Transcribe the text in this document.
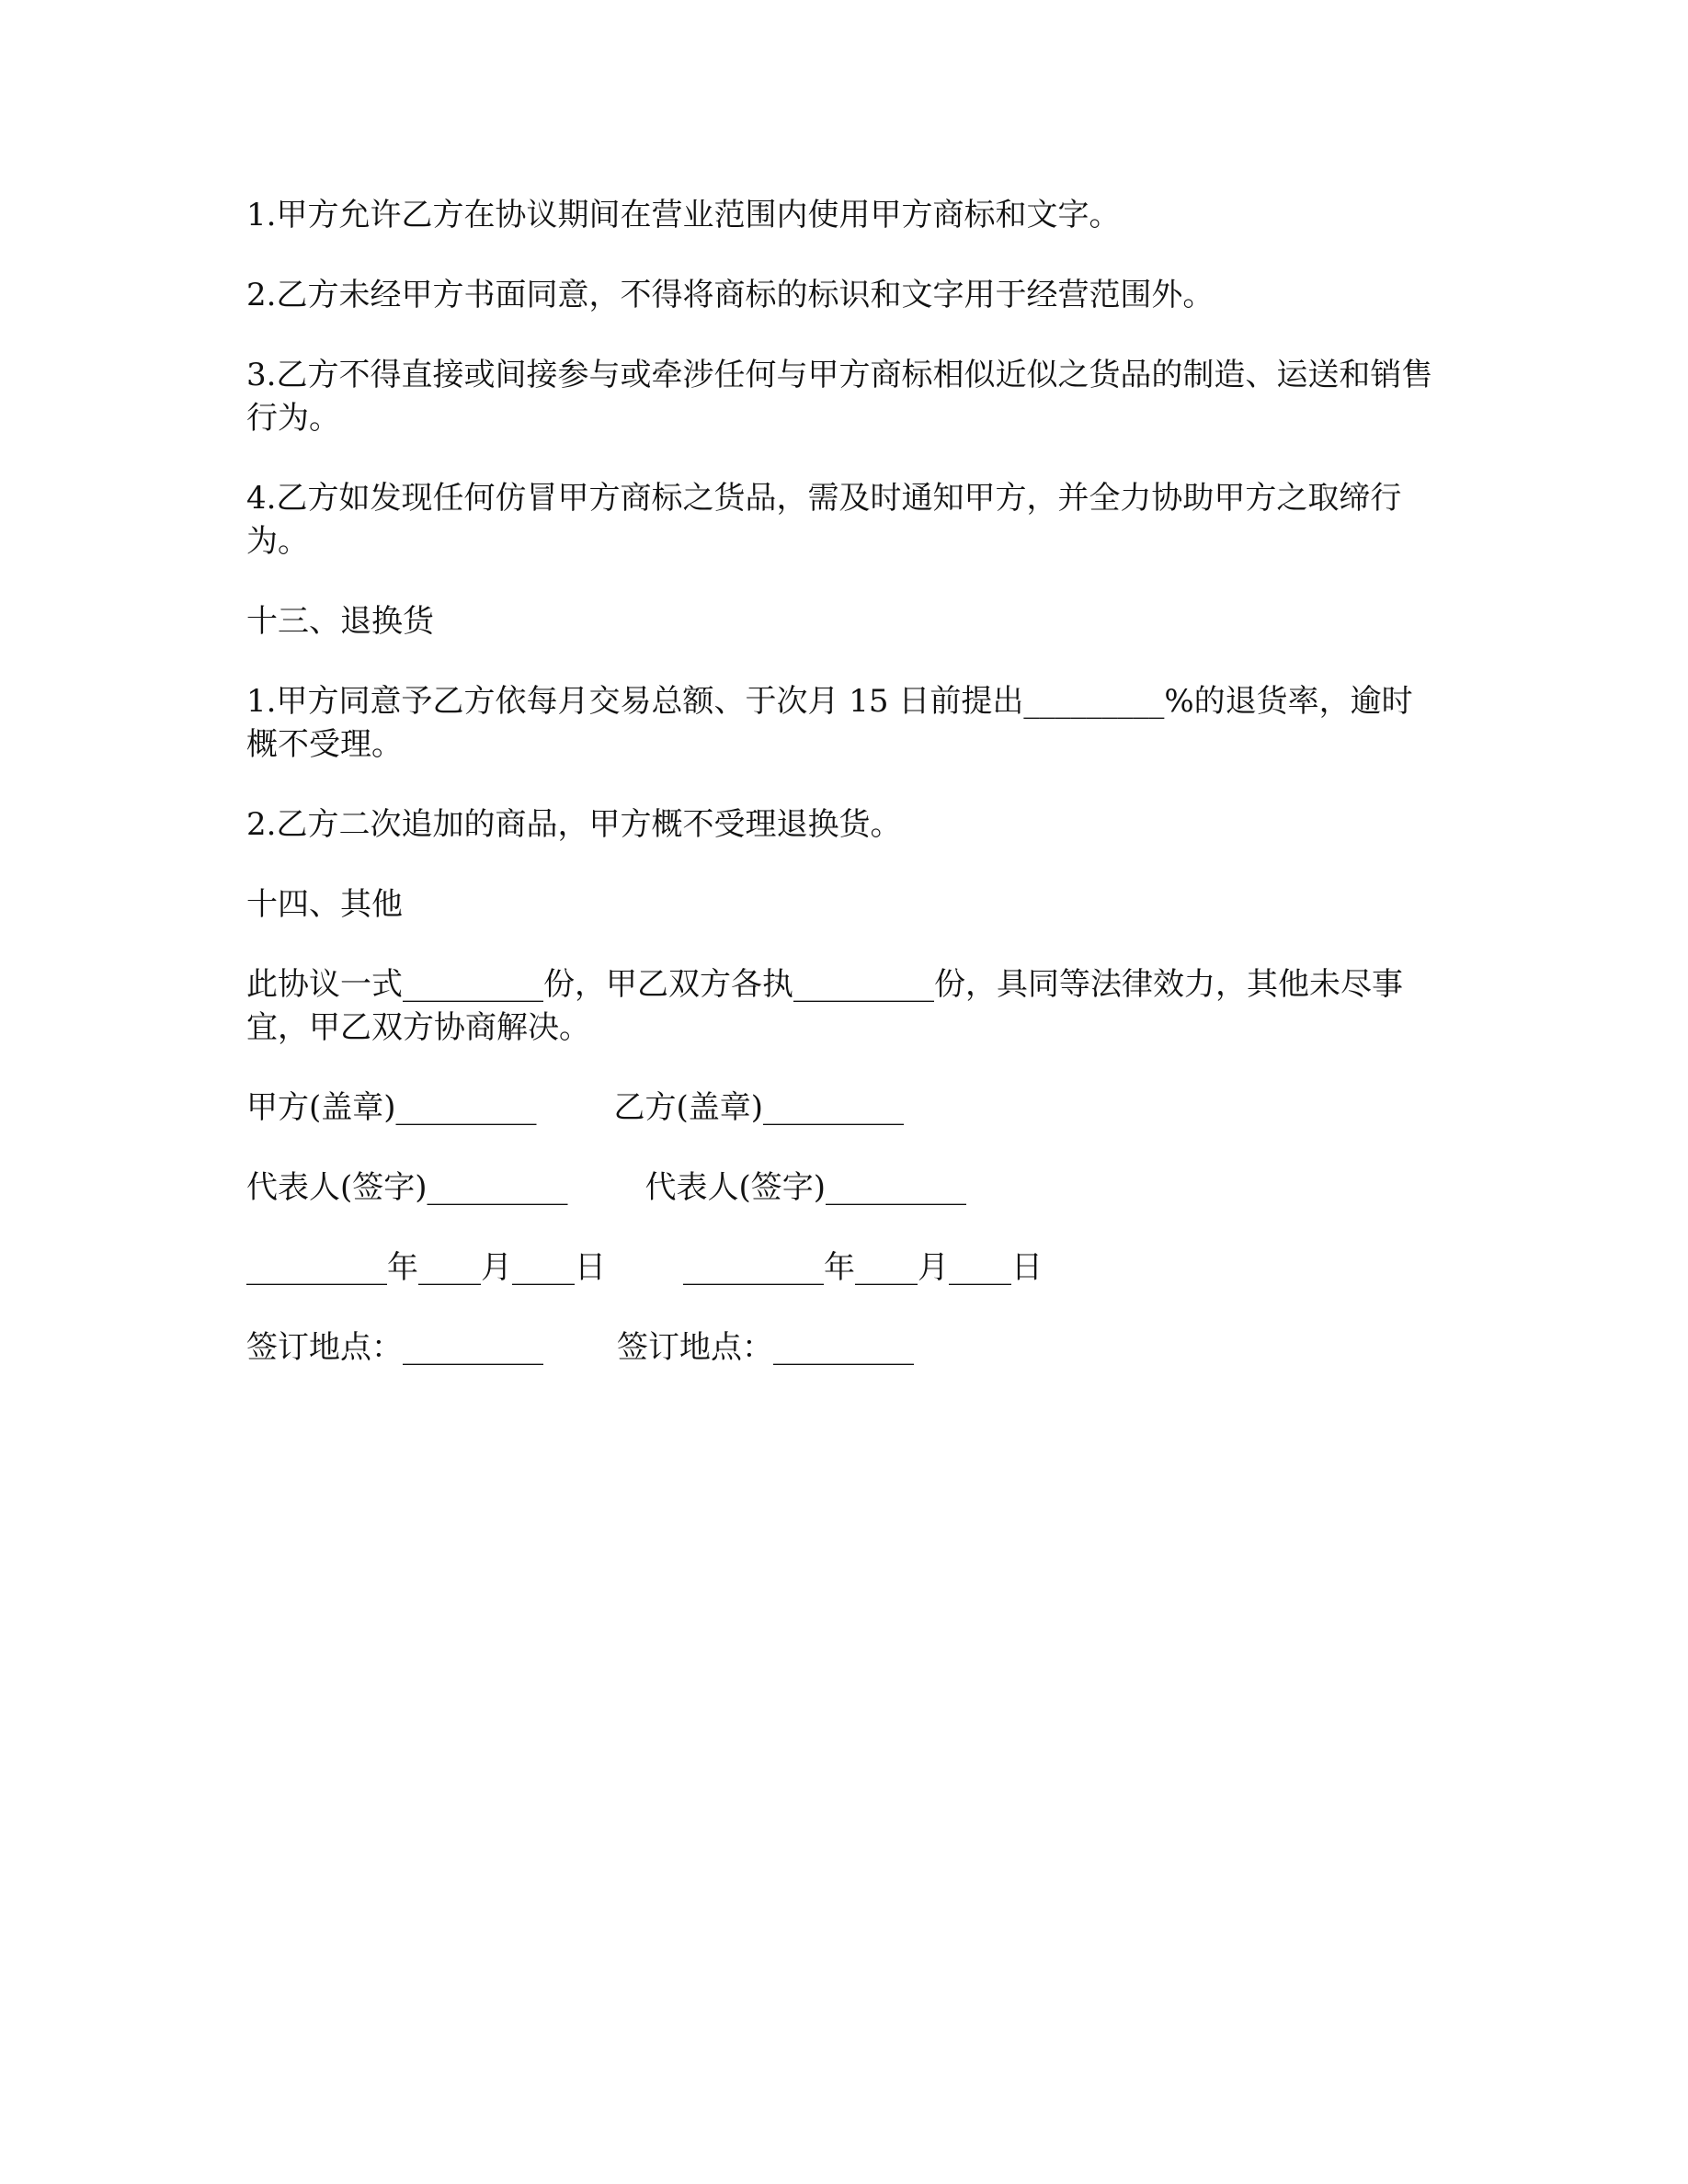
1.甲方允许乙方在协议期间在营业范围内使用甲方商标和文字。

2.乙方未经甲方书面同意，不得将商标的标识和文字用于经营范围外。

3.乙方不得直接或间接参与或牵涉任何与甲方商标相似近似之货品的制造、运送和销售行为。

4.乙方如发现任何仿冒甲方商标之货品，需及时通知甲方，并全力协助甲方之取缔行为。

十三、退换货

1.甲方同意予乙方依每月交易总额、于次月 15 日前提出_________%的退货率，逾时概不受理。

2.乙方二次追加的商品，甲方概不受理退换货。

十四、其他

此协议一式_________份，甲乙双方各执_________份，具同等法律效力，其他未尽事宜，甲乙双方协商解决。

甲方(盖章)_________ 乙方(盖章)_________
代表人(签字)_________ 代表人(签字)_________
_________年____月____日 _________年____月____日
签订地点：_________ 签订地点：_________
